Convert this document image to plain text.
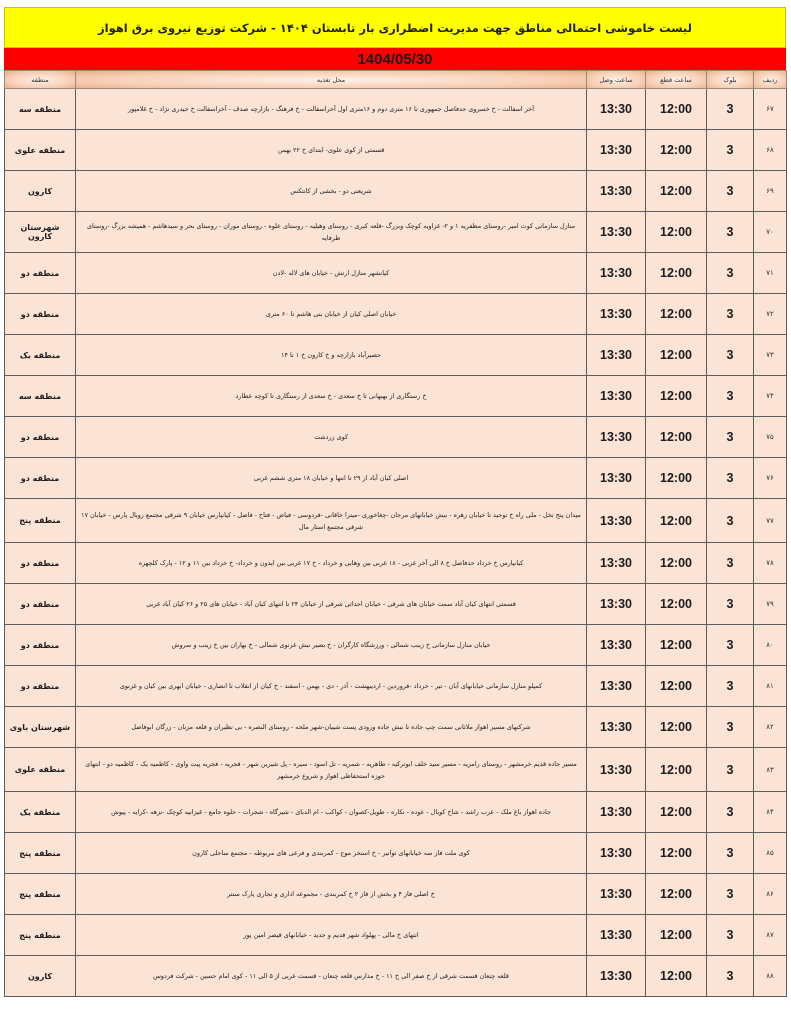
لیست خاموشی احتمالی مناطق جهت مدیریت اضطراری بار تابستان ۱۴۰۴ - شرکت توزیع نیروی برق اهواز
1404/05/30
منطقه	محل تغذیه	ساعت وصل	ساعت قطع	بلوک	ردیف
منطقه سه	آخر اسفالت - خ خسروی حدفاصل جمهوری تا ۱۶ متری دوم و ۱۶متری اول آخراسفالت - خ فرهنگ - بازارچه صدف - آخراسفالت خ حیدری نژاد - خ غلامپور	13:30	12:00	3	۶۷
منطقه علوی	قسمتی از کوی علوی- ابتدای خ ۲۲ بهمن	13:30	12:00	3	۶۸
کارون	شریعتی دو - بخشی از کانتکس	13:30	12:00	3	۶۹
شهرستان کارون	منازل سازمانی کوت امیر -روستای مظفریه ۱ و ۲- غزاویه کوچک وبزرگ -قلعه کبری - روستای وهیلیه - روستای علوه - روستای موران - روستای بحر و سیدهاشم - همیشه بزرگ -روستای طرفایه	13:30	12:00	3	۷۰
منطقه دو	کیانشهر منازل ارتش - خیابان های لاله -لادن	13:30	12:00	3	۷۱
منطقه دو	خیابان اصلی کیان از خیابان بنی هاشم تا ۶۰ متری	13:30	12:00	3	۷۲
منطقه یک	حصیرآباد بازارچه و خ کارون خ ۱ تا ۱۴	13:30	12:00	3	۷۳
منطقه سه	خ رستگاری از بهبهانی تا خ سعدی - خ سعدی از رستگاری تا کوچه عطارد	13:30	12:00	3	۷۴
منطقه دو	کوی زردشت	13:30	12:00	3	۷۵
منطقه دو	اصلی کیان آباد از ۲۹ تا انتها و خیابان ۱۸ متری ششم غربی	13:30	12:00	3	۷۶
منطقه پنج	میدان پنج نخل - ملی راه خ توحید تا خیابان زهره - نبش خیابانهای مرجان -چغاخوری -میترا خاقانی -فردوسی - فیاض - فتاح - فاضل - کیانپارس خیابان ۹ شرقی مجتمع رویال پارس - خیابان ۱۷ شرقی مجتمع استار مال	13:30	12:00	3	۷۷
منطقه دو	کیانپارس خ خرداد حدفاصل خ ۸ الی آخر غربی - ۱۸ غربی بین وهابی و خرداد - خ ۱۷ غربی بین ایدون و خرداد- خ خرداد بین ۱۱ و ۱۲ - پارک کلچهره	13:30	12:00	3	۷۸
منطقه دو	قسمتی انتهای کیان آباد سمت خیابان های شرقی - خیابان احداثی شرقی از خیابان ۲۴ تا انتهای کیان آباد - خیابان های ۲۵ و ۲۶ کیان آباد غربی	13:30	12:00	3	۷۹
منطقه دو	خیابان منازل سازمانی خ زینب شمالی - ورزشگاه کارگران - خ بصیر نبش غزنوی شمالی - خ بهاران بین خ زینب و سروش	13:30	12:00	3	۸۰
منطقه دو	کمپلو منازل سازمانی خیابانهای آبان - تیر - خرداد -فروردین - اردیبهشت - آذر - دی - بهمن - اسفند - خ کیان از انقلاب تا انصاری - خیابان ابهری بین کیان و غزنوی	13:30	12:00	3	۸۱
شهرستان باوی	شرکتهای مسیر اهواز ملاثانی سمت چپ جاده تا نبش جاده ورودی پست شیبان-شهر ملحه - روستای البصره - بی نظیران و قلعه مزبان - زرگان ابوفاضل	13:30	12:00	3	۸۲
منطقه علوی	مسیر جاده قدیم خرمشهر - روستای رامزیه - مسیر سید خلف ابوترکیه - طاهریه - شمریه - تل اسود - سیره - پل شیرین شهر - فجریه - فجریه پیت واوی - کاظمیه یک - کاظمیه دو - انتهای حوزه استحفاظی اهواز و شروع خرمشهر	13:30	12:00	3	۸۳
منطقه یک	جاده اهواز باغ ملک - عرب راشد - شاخ کوبال - عوده - نکاره - طویل-کصوان - کواکب - ام الدبای - شیرگاه - شجرات - حلوه جامع - غیزانیه کوچک -نزهه -کرایه - پیوش	13:30	12:00	3	۸۴
منطقه پنج	کوی ملت فاز سه خیابانهای تواتیر - خ استخر موج - کمربندی و فرعی های مربوطه - مجتمع ساحلی کارون	13:30	12:00	3	۸۵
منطقه پنج	خ اصلی فاز ۴ و بخش از فاز ۲ خ کمربندی - مجموعه اداری و تجاری پارک سنتر	13:30	12:00	3	۸۶
منطقه پنج	انتهای خ مالی - پهلواد شهر قدیم و جدید - خیابانهای قیصر امین پور	13:30	12:00	3	۸۷
کارون	قلعه چنعان قسمت شرقی از خ صفر الی خ ۱۱ - خ مدارس قلعه چنعان - قسمت غربی از ۵ الی ۱۱ - کوی امام حسین - شرکت فردوس	13:30	12:00	3	۸۸
